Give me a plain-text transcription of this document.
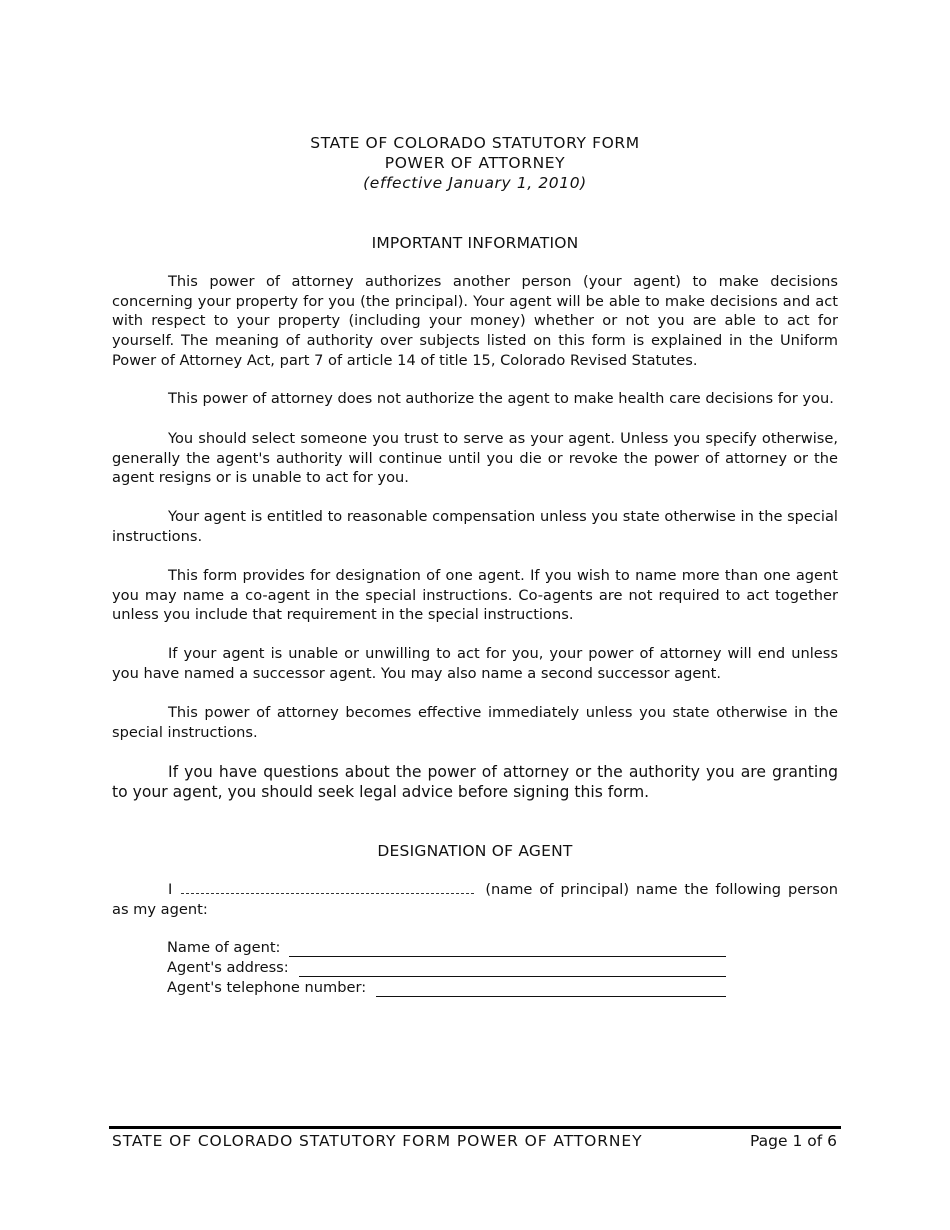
STATE OF COLORADO STATUTORY FORM
POWER OF ATTORNEY
(effective January 1, 2010)
IMPORTANT INFORMATION

This power of attorney authorizes another person (your agent) to make decisions concerning your property for you (the principal). Your agent will be able to make decisions and act with respect to your property (including your money) whether or not you are able to act for yourself. The meaning of authority over subjects listed on this form is explained in the Uniform Power of Attorney Act, part 7 of article 14 of title 15, Colorado Revised Statutes.

This power of attorney does not authorize the agent to make health care decisions for you.

You should select someone you trust to serve as your agent. Unless you specify otherwise, generally the agent's authority will continue until you die or revoke the power of attorney or the agent resigns or is unable to act for you.

Your agent is entitled to reasonable compensation unless you state otherwise in the special instructions.

This form provides for designation of one agent. If you wish to name more than one agent you may name a co-agent in the special instructions. Co-agents are not required to act together unless you include that requirement in the special instructions.

If your agent is unable or unwilling to act for you, your power of attorney will end unless you have named a successor agent. You may also name a second successor agent.

This power of attorney becomes effective immediately unless you state otherwise in the special instructions.

If you have questions about the power of attorney or the authority you are granting to your agent, you should seek legal advice before signing this form.

DESIGNATION OF AGENT

I	(name of principal) name the following person as my agent:

Name of agent:
Agent's address:
Agent's telephone number:
STATE OF COLORADO STATUTORY FORM POWER OF ATTORNEY	Page 1 of 6
